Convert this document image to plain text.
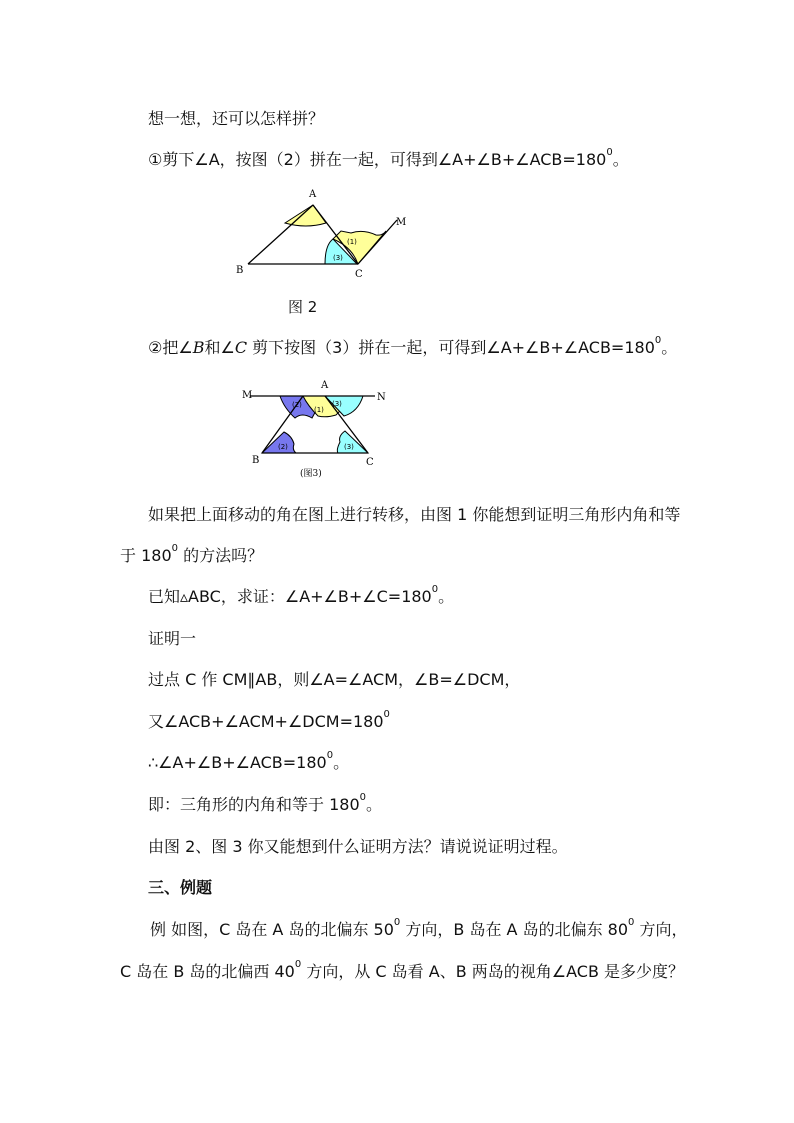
想一想，还可以怎样拼？
①剪下∠A，按图（2）拼在一起，可得到$\angle A+\angle B+\angle ACB=180^0$。
A
B	C
M
(1)
(3)
图 2
②把∠B和∠C 剪下按图（3）拼在一起，可得到$\angle A+\angle B+\angle ACB=180^0$。
M
A
N
B	C
(2)
(1)
(3)
(2)	(3)
(图3)
如果把上面移动的角在图上进行转移，由图 1 你能想到证明三角形内角和等
于 $180^0$ 的方法吗？
已知▵ABC，求证：$\angle A+\angle B+\angle C=180^0$。
证明一
过点 C 作 CM∥AB，则∠A=∠ACM，∠B=∠DCM，
又$\angle ACB+\angle ACM+\angle DCM=180^0$
$\therefore\angle A+\angle B+\angle ACB=180^0$。
即：三角形的内角和等于 $180^0$。
由图 2、图 3 你又能想到什么证明方法？请说说证明过程。
三、例题
例 如图，C 岛在 A 岛的北偏东 $50^0$ 方向，B 岛在 A 岛的北偏东 $80^0$ 方向，
C 岛在 B 岛的北偏西 $40^0$ 方向，从 C 岛看 A、B 两岛的视角∠ACB 是多少度？
